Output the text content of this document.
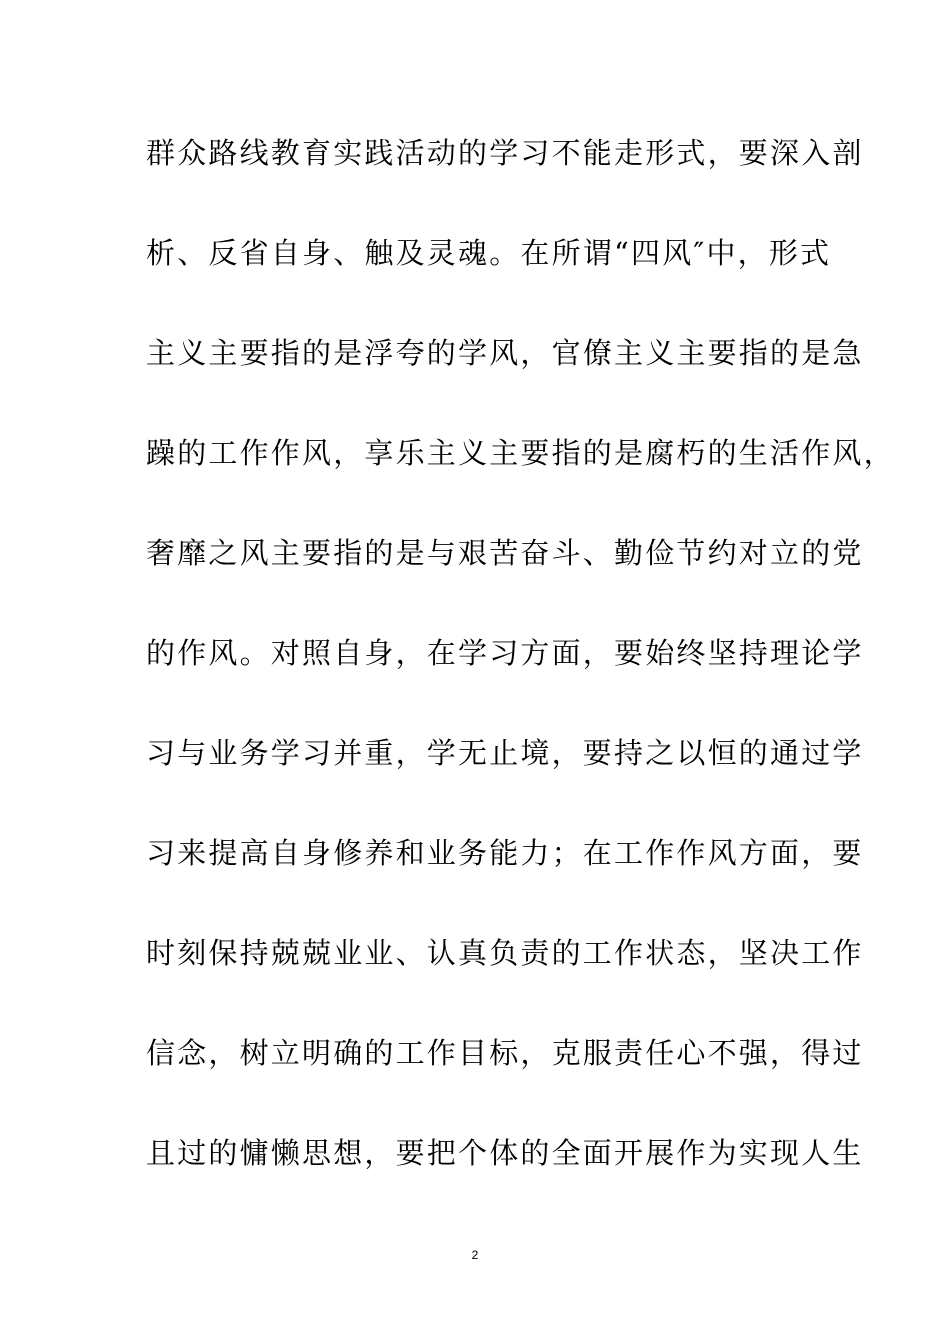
群众路线教育实践活动的学习不能走形式，要深入剖
析、反省自身、触及灵魂。在所谓“四风″中，形式
主义主要指的是浮夸的学风，官僚主义主要指的是急
躁的工作作风，享乐主义主要指的是腐朽的生活作风，
奢靡之风主要指的是与艰苦奋斗、勤俭节约对立的党
的作风。对照自身，在学习方面，要始终坚持理论学
习与业务学习并重，学无止境，要持之以恒的通过学
习来提高自身修养和业务能力；在工作作风方面，要
时刻保持兢兢业业、认真负责的工作状态，坚决工作
信念，树立明确的工作目标，克服责任心不强，得过
且过的慵懒思想，要把个体的全面开展作为实现人生
2
